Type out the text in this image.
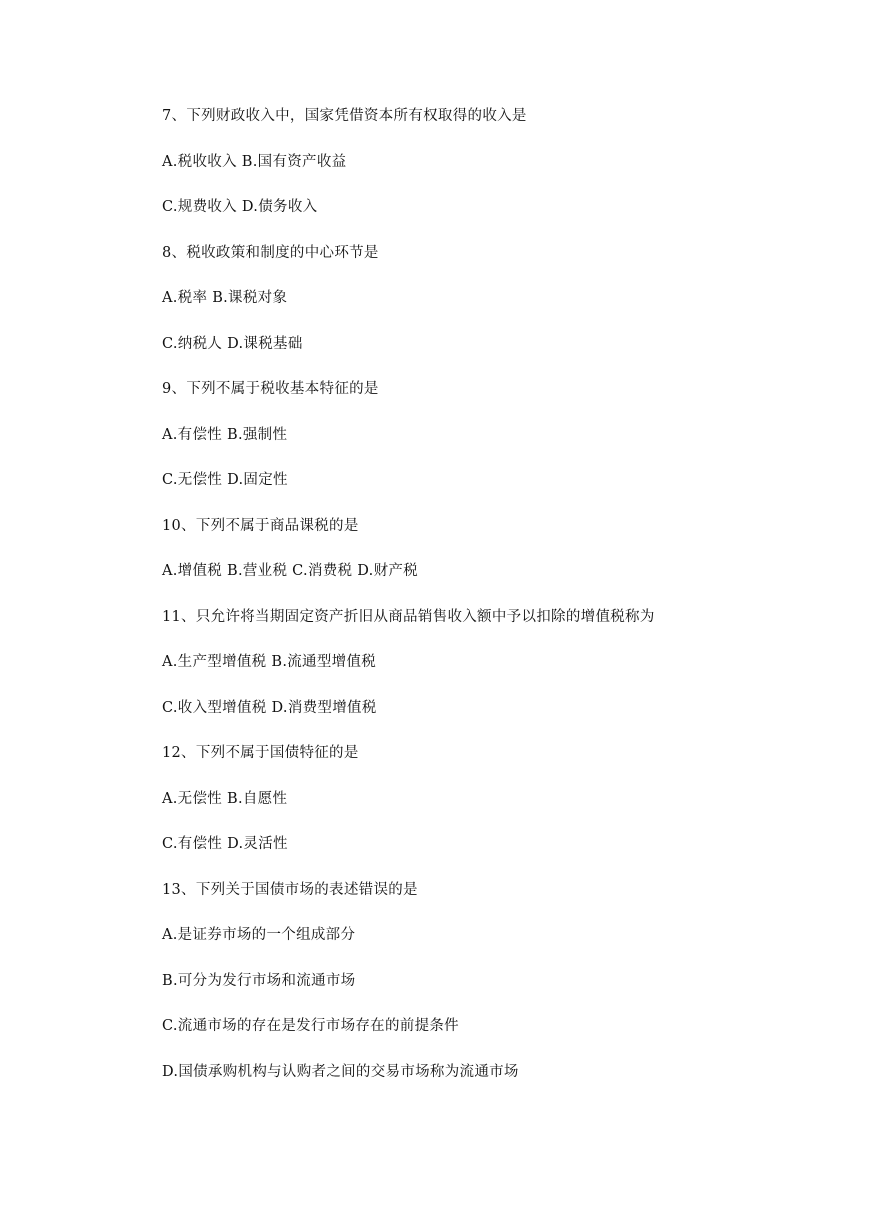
7、下列财政收入中，国家凭借资本所有权取得的收入是
A.税收收入 B.国有资产收益
C.规费收入 D.债务收入
8、税收政策和制度的中心环节是
A.税率 B.课税对象
C.纳税人 D.课税基础
9、下列不属于税收基本特征的是
A.有偿性 B.强制性
C.无偿性 D.固定性
10、下列不属于商品课税的是
A.增值税 B.营业税 C.消费税 D.财产税
11、只允许将当期固定资产折旧从商品销售收入额中予以扣除的增值税称为
A.生产型增值税 B.流通型增值税
C.收入型增值税 D.消费型增值税
12、下列不属于国债特征的是
A.无偿性 B.自愿性
C.有偿性 D.灵活性
13、下列关于国债市场的表述错误的是
A.是证券市场的一个组成部分
B.可分为发行市场和流通市场
C.流通市场的存在是发行市场存在的前提条件
D.国债承购机构与认购者之间的交易市场称为流通市场
